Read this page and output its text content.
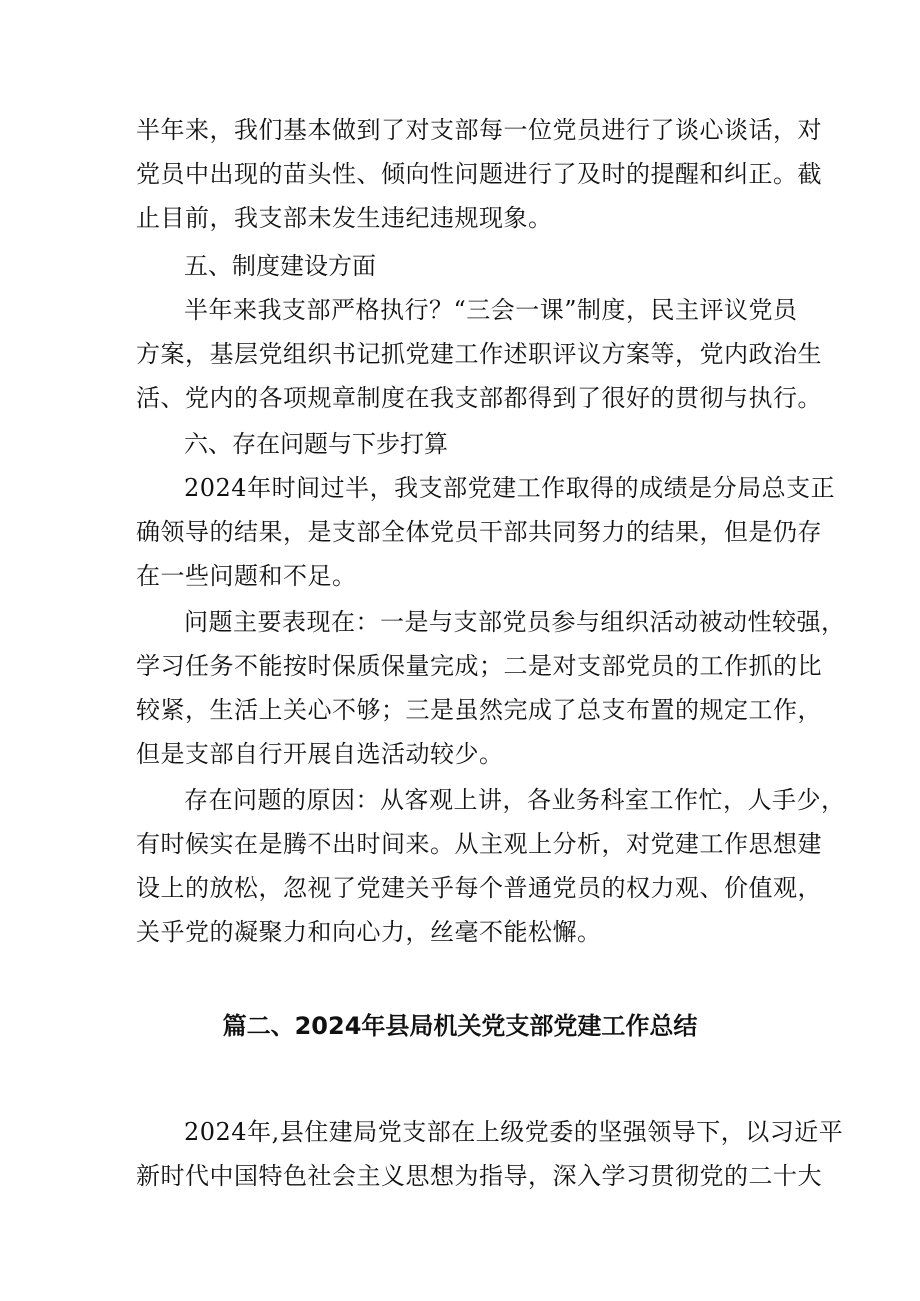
半年来，我们基本做到了对支部每一位党员进行了谈心谈话，对
党员中出现的苗头性、倾向性问题进行了及时的提醒和纠正。截
止目前，我支部未发生违纪违规现象。
五、制度建设方面
半年来我支部严格执行？“三会一课”制度，民主评议党员
方案，基层党组织书记抓党建工作述职评议方案等，党内政治生
活、党内的各项规章制度在我支部都得到了很好的贯彻与执行。
六、存在问题与下步打算
2024年时间过半，我支部党建工作取得的成绩是分局总支正
确领导的结果，是支部全体党员干部共同努力的结果，但是仍存
在一些问题和不足。
问题主要表现在：一是与支部党员参与组织活动被动性较强，
学习任务不能按时保质保量完成；二是对支部党员的工作抓的比
较紧，生活上关心不够；三是虽然完成了总支布置的规定工作，
但是支部自行开展自选活动较少。
存在问题的原因：从客观上讲，各业务科室工作忙，人手少，
有时候实在是腾不出时间来。从主观上分析，对党建工作思想建
设上的放松，忽视了党建关乎每个普通党员的权力观、价值观，
关乎党的凝聚力和向心力，丝毫不能松懈。
篇二、2024年县局机关党支部党建工作总结
2024年,县住建局党支部在上级党委的坚强领导下，以习近平
新时代中国特色社会主义思想为指导，深入学习贯彻党的二十大
